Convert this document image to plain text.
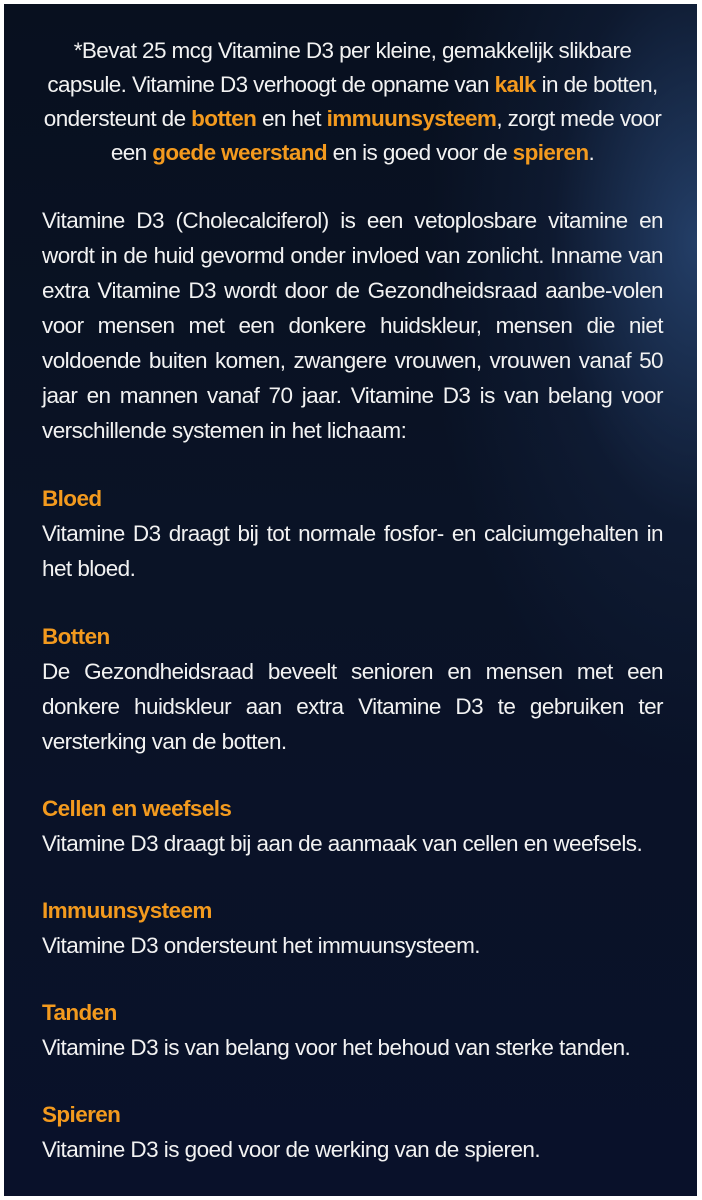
*Bevat 25 mcg Vitamine D3 per kleine, gemakkelijk slikbare capsule. Vitamine D3 verhoogt de opname van kalk in de botten, ondersteunt de botten en het immuunsysteem, zorgt mede voor een goede weerstand en is goed voor de spieren.

Vitamine D3 (Cholecalciferol) is een vetoplosbare vitamine en wordt in de huid gevormd onder invloed van zonlicht. Inname van extra Vitamine D3 wordt door de Gezondheidsraad aanbe-volen voor mensen met een donkere huidskleur, mensen die niet voldoende buiten komen, zwangere vrouwen, vrouwen vanaf 50 jaar en mannen vanaf 70 jaar. Vitamine D3 is van belang voor verschillende systemen in het lichaam:

Bloed

Vitamine D3 draagt bij tot normale fosfor- en calciumgehalten in het bloed.

Botten

De Gezondheidsraad beveelt senioren en mensen met een donkere huidskleur aan extra Vitamine D3 te gebruiken ter versterking van de botten.

Cellen en weefsels

Vitamine D3 draagt bij aan de aanmaak van cellen en weefsels.

Immuunsysteem

Vitamine D3 ondersteunt het immuunsysteem.

Tanden

Vitamine D3 is van belang voor het behoud van sterke tanden.

Spieren

Vitamine D3 is goed voor de werking van de spieren.
